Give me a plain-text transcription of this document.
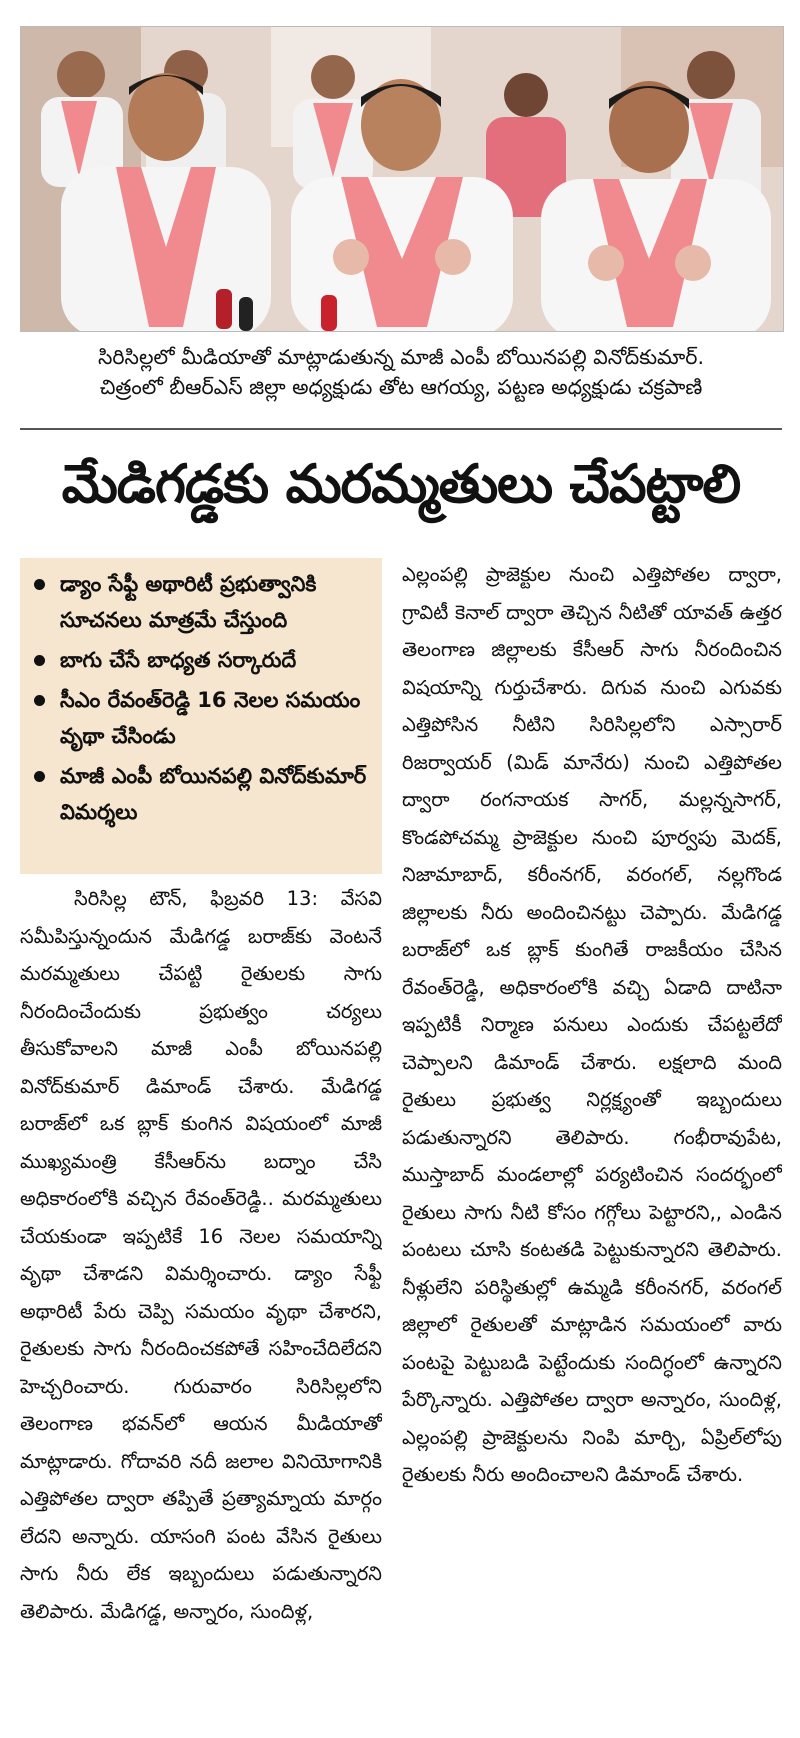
సిరిసిల్లలో మీడియాతో మాట్లాడుతున్న మాజీ ఎంపీ బోయినపల్లి వినోద్‌కుమార్.
చిత్రంలో బీఆర్ఎస్ జిల్లా అధ్యక్షుడు తోట ఆగయ్య, పట్టణ అధ్యక్షుడు చక్రపాణి
మేడిగడ్డకు మరమ్మతులు చేపట్టాలి
డ్యాం సేఫ్టీ అథారిటీ ప్రభుత్వానికి సూచనలు మాత్రమే చేస్తుంది
బాగు చేసే బాధ్యత సర్కారుదే
సీఎం రేవంత్‌రెడ్డి 16 నెలల సమయం వృథా చేసిండు
మాజీ ఎంపీ బోయినపల్లి వినోద్‌కుమార్ విమర్శలు
సిరిసిల్ల టౌన్, ఫిబ్రవరి 13: వేసవి సమీపిస్తున్నందున మేడిగడ్డ బరాజ్‌కు వెంటనే మరమ్మతులు చేపట్టి రైతులకు సాగు నీరందించేందుకు ప్రభుత్వం చర్యలు తీసుకోవాలని మాజీ ఎంపీ బోయినపల్లి వినోద్‌కుమార్ డిమాండ్ చేశారు. మేడిగడ్డ బరాజ్‌లో ఒక బ్లాక్ కుంగిన విషయంలో మాజీ ముఖ్యమంత్రి కేసీఆర్‌ను బద్నాం చేసి అధికారంలోకి వచ్చిన రేవంత్‌రెడ్డి.. మరమ్మతులు చేయకుండా ఇప్పటికే 16 నెలల సమయాన్ని వృథా చేశాడని విమర్శించారు. డ్యాం సేఫ్టీ అథారిటీ పేరు చెప్పి సమయం వృథా చేశారని, రైతులకు సాగు నీరందించకపోతే సహించేదిలేదని హెచ్చరించారు. గురువారం సిరిసిల్లలోని తెలంగాణ భవన్‌లో ఆయన మీడియాతో మాట్లాడారు. గోదావరి నదీ జలాల వినియోగానికి ఎత్తిపోతల ద్వారా తప్పితే ప్రత్యామ్నాయ మార్గం లేదని అన్నారు. యాసంగి పంట వేసిన రైతులు సాగు నీరు లేక ఇబ్బందులు పడుతున్నారని తెలిపారు. మేడిగడ్డ, అన్నారం, సుందిళ్ల,
ఎల్లంపల్లి ప్రాజెక్టుల నుంచి ఎత్తిపోతల ద్వారా, గ్రావిటీ కెనాల్ ద్వారా తెచ్చిన నీటితో యావత్ ఉత్తర తెలంగాణ జిల్లాలకు కేసీఆర్ సాగు నీరందించిన విషయాన్ని గుర్తుచేశారు. దిగువ నుంచి ఎగువకు ఎత్తిపోసిన నీటిని సిరిసిల్లలోని ఎస్సారార్ రిజర్వాయర్ (మిడ్ మానేరు) నుంచి ఎత్తిపోతల ద్వారా రంగనాయక సాగర్, మల్లన్నసాగర్, కొండపోచమ్మ ప్రాజెక్టుల నుంచి పూర్వపు మెదక్, నిజామాబాద్, కరీంనగర్, వరంగల్, నల్లగొండ జిల్లాలకు నీరు అందించినట్టు చెప్పారు. మేడిగడ్డ బరాజ్‌లో ఒక బ్లాక్ కుంగితే రాజకీయం చేసిన రేవంత్‌రెడ్డి, అధికారంలోకి వచ్చి ఏడాది దాటినా ఇప్పటికీ నిర్మాణ పనులు ఎందుకు చేపట్టలేదో చెప్పాలని డిమాండ్ చేశారు. లక్షలాది మంది రైతులు ప్రభుత్వ నిర్లక్ష్యంతో ఇబ్బందులు పడుతున్నారని తెలిపారు. గంభీరావుపేట, ముస్తాబాద్ మండలాల్లో పర్యటించిన సందర్భంలో రైతులు సాగు నీటి కోసం గగ్గోలు పెట్టారని,, ఎండిన పంటలు చూసి కంటతడి పెట్టుకున్నారని తెలిపారు. నీళ్లులేని పరిస్థితుల్లో ఉమ్మడి కరీంనగర్, వరంగల్ జిల్లాలో రైతులతో మాట్లాడిన సమయంలో వారు పంటపై పెట్టుబడి పెట్టేందుకు సందిగ్ధంలో ఉన్నారని పేర్కొన్నారు. ఎత్తిపోతల ద్వారా అన్నారం, సుందిళ్ల, ఎల్లంపల్లి ప్రాజెక్టులను నింపి మార్చి, ఏప్రిల్‌లోపు రైతులకు నీరు అందించాలని డిమాండ్ చేశారు.
